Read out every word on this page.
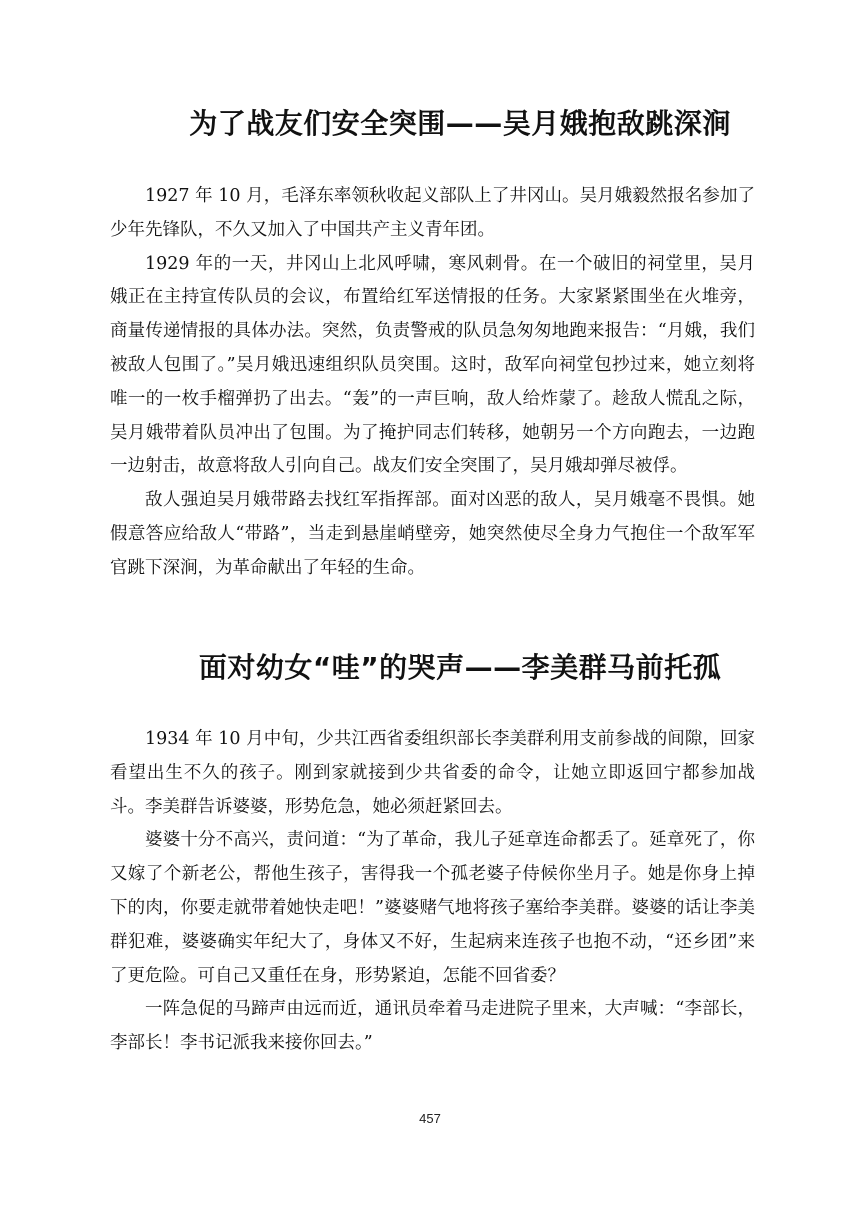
为了战友们安全突围——吴月娥抱敌跳深涧

1927 年 10 月，毛泽东率领秋收起义部队上了井冈山。吴月娥毅然报名参加了少年先锋队，不久又加入了中国共产主义青年团。

1929 年的一天，井冈山上北风呼啸，寒风刺骨。在一个破旧的祠堂里，吴月娥正在主持宣传队员的会议，布置给红军送情报的任务。大家紧紧围坐在火堆旁，商量传递情报的具体办法。突然，负责警戒的队员急匆匆地跑来报告：“月娥，我们被敌人包围了。”吴月娥迅速组织队员突围。这时，敌军向祠堂包抄过来，她立刻将唯一的一枚手榴弹扔了出去。“轰”的一声巨响，敌人给炸蒙了。趁敌人慌乱之际，吴月娥带着队员冲出了包围。为了掩护同志们转移，她朝另一个方向跑去，一边跑一边射击，故意将敌人引向自己。战友们安全突围了，吴月娥却弹尽被俘。

敌人强迫吴月娥带路去找红军指挥部。面对凶恶的敌人，吴月娥毫不畏惧。她假意答应给敌人“带路”，当走到悬崖峭壁旁，她突然使尽全身力气抱住一个敌军军官跳下深涧，为革命献出了年轻的生命。

面对幼女“哇”的哭声——李美群马前托孤

1934 年 10 月中旬，少共江西省委组织部长李美群利用支前参战的间隙，回家看望出生不久的孩子。刚到家就接到少共省委的命令，让她立即返回宁都参加战斗。李美群告诉婆婆，形势危急，她必须赶紧回去。

婆婆十分不高兴，责问道：“为了革命，我儿子延章连命都丢了。延章死了，你又嫁了个新老公，帮他生孩子，害得我一个孤老婆子侍候你坐月子。她是你身上掉下的肉，你要走就带着她快走吧！”婆婆赌气地将孩子塞给李美群。婆婆的话让李美群犯难，婆婆确实年纪大了，身体又不好，生起病来连孩子也抱不动，“还乡团”来了更危险。可自己又重任在身，形势紧迫，怎能不回省委？

一阵急促的马蹄声由远而近，通讯员牵着马走进院子里来，大声喊：“李部长，李部长！李书记派我来接你回去。”

457
